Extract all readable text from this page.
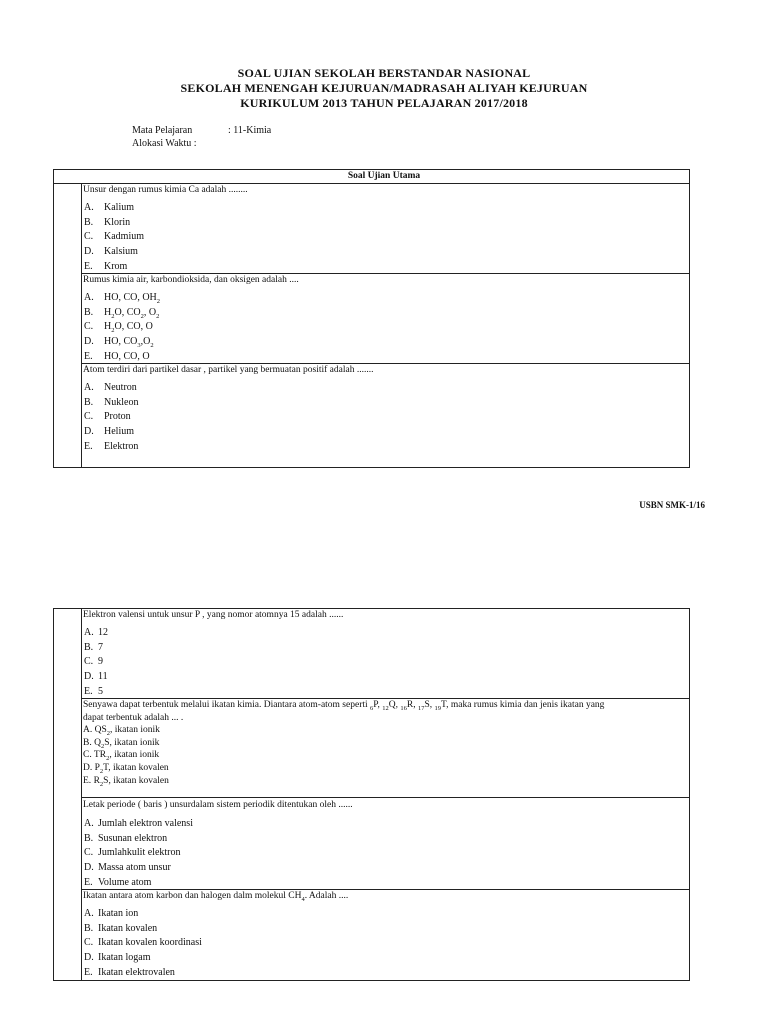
SOAL UJIAN SEKOLAH BERSTANDAR NASIONAL
SEKOLAH MENENGAH KEJURUAN/MADRASAH ALIYAH KEJURUAN
KURIKULUM 2013 TAHUN PELAJARAN 2017/2018
Mata Pelajaran	: 11-Kimia
Alokasi Waktu :
Soal Ujian Utama
Unsur dengan rumus kimia Ca adalah ........
A. Kalium
B. Klorin
C. Kadmium
D. Kalsium
E. Krom
Rumus kimia air, karbondioksida, dan oksigen adalah ....
A. HO, CO, $OH_2$
B. $H_2O$, $CO_2$, $O_2$
C. $H_2O$, CO, O
D. HO, $CO_3,O_2$
E. HO, CO, O
Atom terdiri dari partikel dasar , partikel yang bermuatan positif adalah .......
A. Neutron
B. Nukleon
C. Proton
D. Helium
E. Elektron
USBN SMK-1/16
Elektron valensi untuk unsur P , yang nomor atomnya 15 adalah ......
A. 12
B. 7
C. 9
D. 11
E. 5
Senyawa dapat terbentuk melalui ikatan kimia. Diantara atom-atom seperti $_6$P, $_{12}$Q, $_{16}$R, $_{17}$S, $_{19}$T, maka rumus kimia dan jenis ikatan yang
dapat terbentuk adalah ... .
A. $QS_2$, ikatan ionik
B. $Q_2S$, ikatan ionik
C. $TR_2$, ikatan ionik
D. $P_2T$, ikatan kovalen
E. $R_2S$, ikatan kovalen
Letak periode ( baris ) unsurdalam sistem periodik ditentukan oleh ......
A. Jumlah elektron valensi
B. Susunan elektron
C. Jumlahkulit elektron
D. Massa atom unsur
E. Volume atom
Ikatan antara atom karbon dan halogen dalm molekul $CH_4$. Adalah ....
A. Ikatan ion
B. Ikatan kovalen
C. Ikatan kovalen koordinasi
D. Ikatan logam
E. Ikatan elektrovalen
